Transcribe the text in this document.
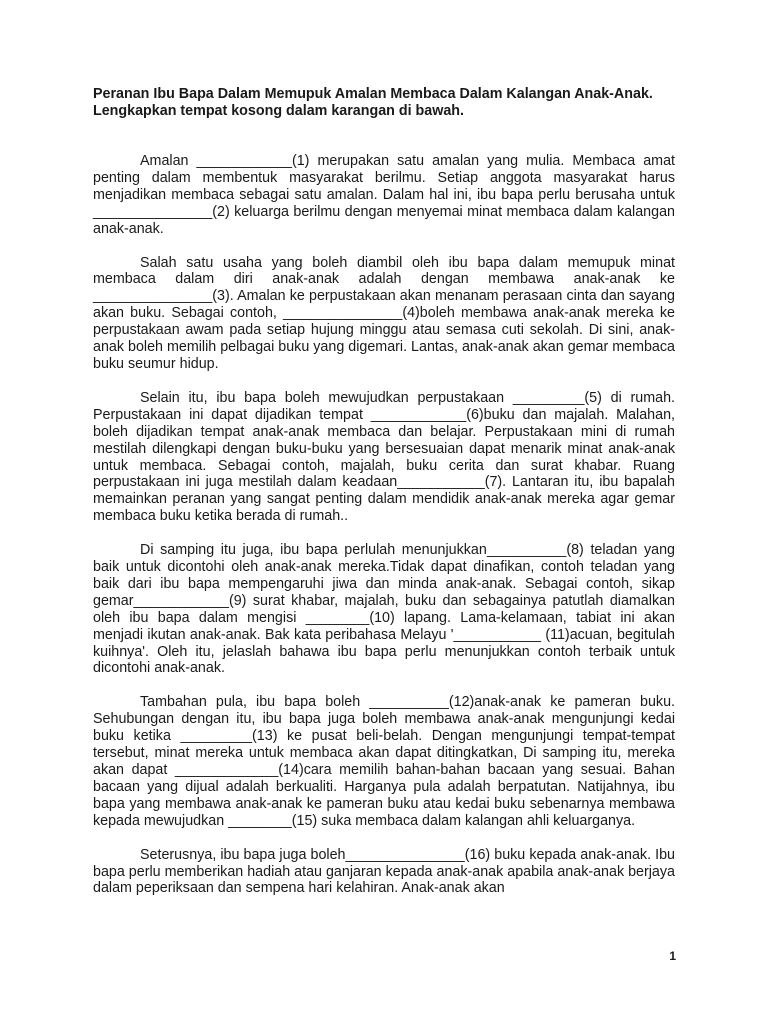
Peranan Ibu Bapa Dalam Memupuk Amalan Membaca Dalam Kalangan Anak-Anak.

Lengkapkan tempat kosong dalam karangan di bawah.

Amalan ____________(1) merupakan satu amalan yang mulia. Membaca amat penting dalam membentuk masyarakat berilmu. Setiap anggota masyarakat harus menjadikan membaca sebagai satu amalan. Dalam hal ini, ibu bapa perlu berusaha untuk _______________(2) keluarga berilmu dengan menyemai minat membaca dalam kalangan anak-anak.

Salah satu usaha yang boleh diambil oleh ibu bapa dalam memupuk minat membaca dalam diri anak-anak adalah dengan membawa anak-anak ke _______________(3). Amalan ke perpustakaan akan menanam perasaan cinta dan sayang akan buku. Sebagai contoh, _______________(4)boleh membawa anak-anak mereka ke perpustakaan awam pada setiap hujung minggu atau semasa cuti sekolah. Di sini, anak-anak boleh memilih pelbagai buku yang digemari. Lantas, anak-anak akan gemar membaca buku seumur hidup.

Selain itu, ibu bapa boleh mewujudkan perpustakaan _________(5) di rumah. Perpustakaan ini dapat dijadikan tempat ____________(6)buku dan majalah. Malahan, boleh dijadikan tempat anak-anak membaca dan belajar. Perpustakaan mini di rumah mestilah dilengkapi dengan buku-buku yang bersesuaian dapat menarik minat anak-anak untuk membaca. Sebagai contoh, majalah, buku cerita dan surat khabar. Ruang perpustakaan ini juga mestilah dalam keadaan___________(7). Lantaran itu, ibu bapalah memainkan peranan yang sangat penting dalam mendidik anak-anak mereka agar gemar membaca buku ketika berada di rumah..

Di samping itu juga, ibu bapa perlulah menunjukkan__________(8) teladan yang baik untuk dicontohi oleh anak-anak mereka.Tidak dapat dinafikan, contoh teladan yang baik dari ibu bapa mempengaruhi jiwa dan minda anak-anak. Sebagai contoh, sikap gemar____________(9) surat khabar, majalah, buku dan sebagainya patutlah diamalkan oleh ibu bapa dalam mengisi ________(10) lapang. Lama-kelamaan, tabiat ini akan menjadi ikutan anak-anak. Bak kata peribahasa Melayu '___________ (11)acuan, begitulah kuihnya'. Oleh itu, jelaslah bahawa ibu bapa perlu menunjukkan contoh terbaik untuk dicontohi anak-anak.

Tambahan pula, ibu bapa boleh __________(12)anak-anak ke pameran buku. Sehubungan dengan itu, ibu bapa juga boleh membawa anak-anak mengunjungi kedai buku ketika _________(13) ke pusat beli-belah. Dengan mengunjungi tempat-tempat tersebut, minat mereka untuk membaca akan dapat ditingkatkan, Di samping itu, mereka akan dapat _____________(14)cara memilih bahan-bahan bacaan yang sesuai. Bahan bacaan yang dijual adalah berkualiti. Harganya pula adalah berpatutan. Natijahnya, ibu bapa yang membawa anak-anak ke pameran buku atau kedai buku sebenarnya membawa kepada mewujudkan ________(15) suka membaca dalam kalangan ahli keluarganya.

Seterusnya, ibu bapa juga boleh_______________(16) buku kepada anak-anak. Ibu bapa perlu memberikan hadiah atau ganjaran kepada anak-anak apabila anak-anak berjaya dalam peperiksaan dan sempena hari kelahiran. Anak-anak akan

1
